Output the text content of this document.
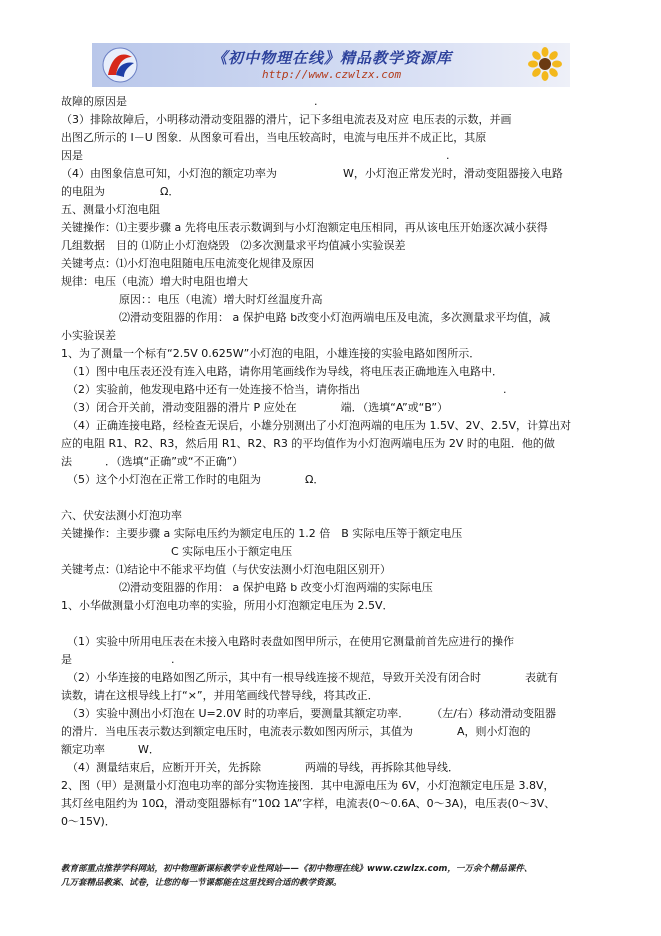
《初中物理在线》精品教学资源库
http://www.czwlzx.com
故障的原因是　　　　　　　　　　　　　　　　　.
（3）排除故障后，小明移动滑动变阻器的滑片，记下多组电流表及对应 电压表的示数，并画
出图乙所示的 I－U 图象．从图象可看出，当电压较高时，电流与电压并不成正比，其原
因是　　　　　　　　　　　　　　　　　　　　　　　　　　　　　　　　　.
（4）由图象信息可知，小灯泡的额定功率为　　　　　　W，小灯泡正常发光时，滑动变阻器接入电路
的电阻为　　　　　Ω．
五、测量小灯泡电阻
关键操作：⑴主要步骤 a 先将电压表示数调到与小灯泡额定电压相同，再从该电压开始逐次减小获得
几组数据　目的 ⑴防止小灯泡烧毁　⑵多次测量求平均值减小实验误差
关键考点：⑴小灯泡电阻随电压电流变化规律及原因
规律：电压（电流）增大时电阻也增大
原因：：电压（电流）增大时灯丝温度升高
⑵滑动变阻器的作用： a 保护电路 b改变小灯泡两端电压及电流，多次测量求平均值，减
小实验误差
1、为了测量一个标有“2.5V 0.625W”小灯泡的电阻，小雄连接的实验电路如图所示．
（1）图中电压表还没有连入电路，请你用笔画线作为导线，将电压表正确地连入电路中．
（2）实验前，他发现电路中还有一处连接不恰当，请你指出　　　　　　　　　　　　　.
（3）闭合开关前，滑动变阻器的滑片 P 应处在　　　　端．（选填“A”或“B”）
（4）正确连接电路，经检查无误后，小雄分别测出了小灯泡两端的电压为 1.5V、2V、2.5V，计算出对
应的电阻 R1、R2、R3，然后用 R1、R2、R3 的平均值作为小灯泡两端电压为 2V 时的电阻．他的做
法　　　．（选填“正确”或“不正确”）
（5）这个小灯泡在正常工作时的电阻为　　　　Ω．
六、伏安法测小灯泡功率
关键操作：主要步骤 a 实际电压约为额定电压的 1.2 倍　B 实际电压等于额定电压
C 实际电压小于额定电压
关键考点：⑴结论中不能求平均值（与伏安法测小灯泡电阻区别开）
⑵滑动变阻器的作用： a 保护电路 b 改变小灯泡两端的实际电压
1、小华做测量小灯泡电功率的实验，所用小灯泡额定电压为 2.5V．
（1）实验中所用电压表在未接入电路时表盘如图甲所示，在使用它测量前首先应进行的操作
是　　　　　　　　　.
（2）小华连接的电路如图乙所示，其中有一根导线连接不规范，导致开关没有闭合时　　　　表就有
读数，请在这根导线上打“×”，并用笔画线代替导线，将其改正．
（3）实验中测出小灯泡在 U=2.0V 时的功率后，要测量其额定功率．　　　（左/右）移动滑动变阻器
的滑片．当电压表示数达到额定电压时，电流表示数如图丙所示，其值为　　　　A，则小灯泡的
额定功率　　　W．
（4）测量结束后，应断开开关，先拆除　　　　两端的导线，再拆除其他导线．
2、图（甲）是测量小灯泡电功率的部分实物连接图．其中电源电压为 6V，小灯泡额定电压是 3.8V，
其灯丝电阻约为 10Ω，滑动变阻器标有“10Ω 1A”字样，电流表(0～0.6A、0～3A)，电压表(0～3V、
0～15V)．
教育部重点推荐学科网站，初中物理新课标教学专业性网站——《初中物理在线》www.czwlzx.com，一万余个精品课件、
几万套精品教案、试卷，让您的每一节课都能在这里找到合适的教学资源。
